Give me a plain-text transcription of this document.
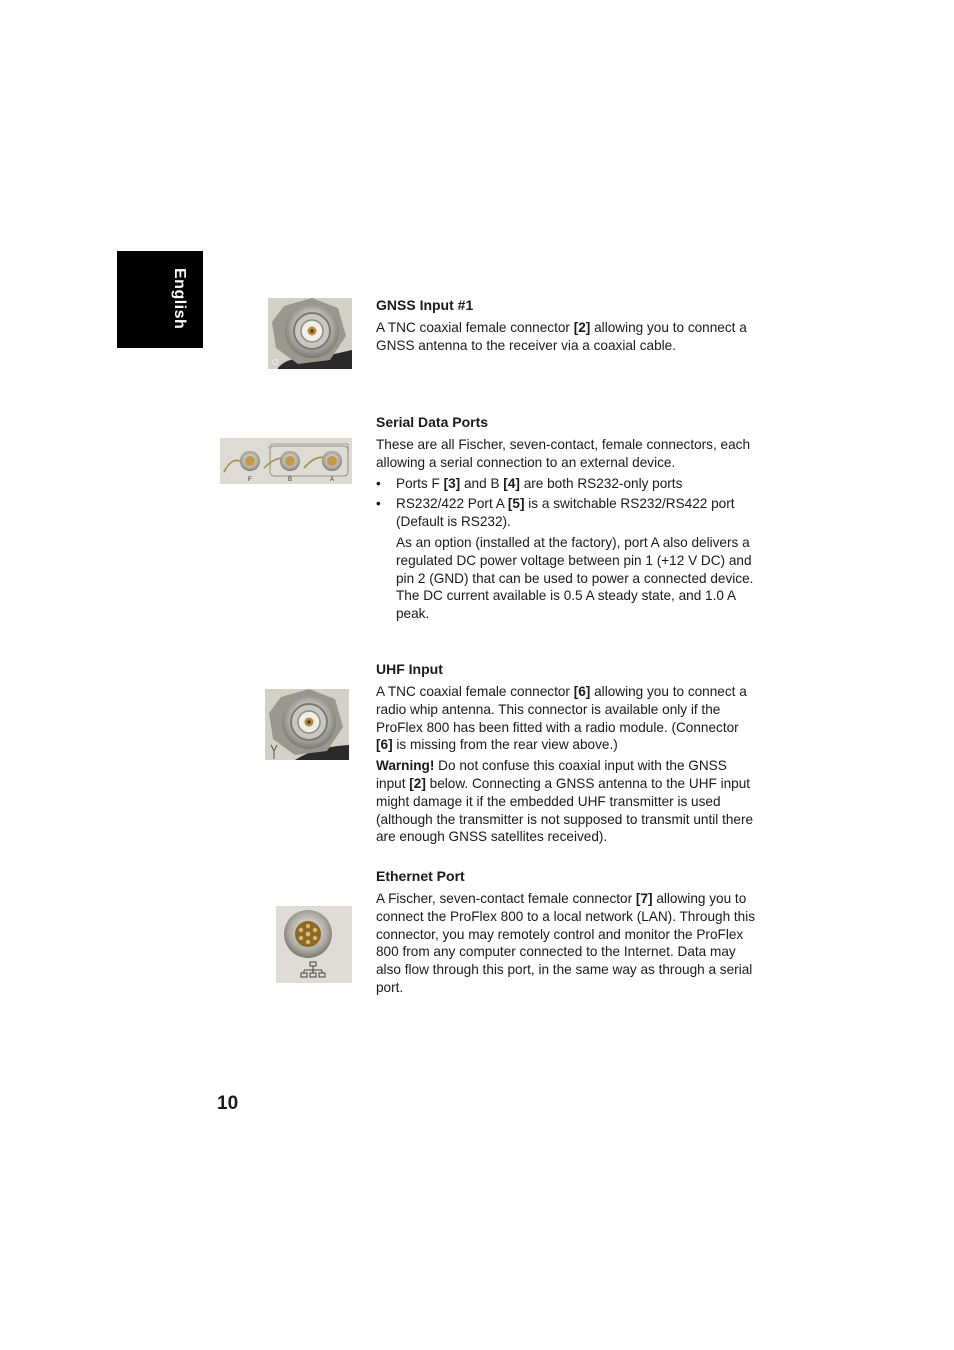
English	GNSS Input #1

A TNC coaxial female connector [2] allowing you to connect a GNSS antenna to the receiver via a coaxial cable.

F	B	A
Serial Data Ports

These are all Fischer, seven-contact, female connectors, each allowing a serial connection to an external device.

• Ports F [3] and B [4] are both RS232-only ports
• RS232/422 Port A [5] is a switchable RS232/RS422 port (Default is RS232).

As an option (installed at the factory), port A also delivers a regulated DC power voltage between pin 1 (+12 V DC) and pin 2 (GND) that can be used to power a connected device. The DC current available is 0.5 A steady state, and 1.0 A peak.

UHF Input

A TNC coaxial female connector [6] allowing you to connect a radio whip antenna. This connector is available only if the ProFlex 800 has been fitted with a radio module. (Connector [6] is missing from the rear view above.)

Warning! Do not confuse this coaxial input with the GNSS input [2] below. Connecting a GNSS antenna to the UHF input might damage it if the embedded UHF transmitter is used (although the transmitter is not supposed to transmit until there are enough GNSS satellites received).

Ethernet Port

A Fischer, seven-contact female connector [7] allowing you to connect the ProFlex 800 to a local network (LAN). Through this connector, you may remotely control and monitor the ProFlex 800 from any computer connected to the Internet. Data may also flow through this port, in the same way as through a serial port.

10
